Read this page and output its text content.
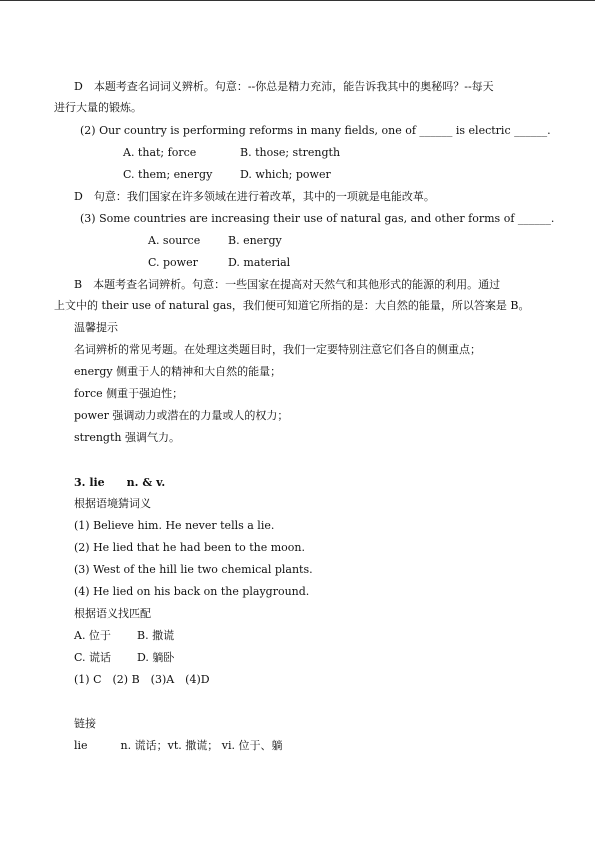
D　本题考查名词词义辨析。句意：--你总是精力充沛，能告诉我其中的奥秘吗？--每天
进行大量的锻炼。
(2) Our country is performing reforms in many fields, one of ______ is electric ______.
A. that; force	B. those; strength
C. them; energy	D. which; power
D　句意：我们国家在许多领域在进行着改革，其中的一项就是电能改革。
(3) Some countries are increasing their use of natural gas, and other forms of ______.
A. source	B. energy
C. power	D. material
B　本题考查名词辨析。句意：一些国家在提高对天然气和其他形式的能源的利用。通过
上文中的 their use of natural gas，我们便可知道它所指的是：大自然的能量，所以答案是 B。
温馨提示
名词辨析的常见考题。在处理这类题目时，我们一定要特别注意它们各自的侧重点；
energy 侧重于人的精神和大自然的能量；
force 侧重于强迫性；
power 强调动力或潜在的力量或人的权力；
strength 强调气力。
3. lie　　n. & v.
根据语境猜词义
(1) Believe him. He never tells a lie.
(2) He lied that he had been to the moon.
(3) West of the hill lie two chemical plants.
(4) He lied on his back on the playground.
根据语义找匹配
A. 位于 B. 撒谎
C. 谎话 D. 躺卧
(1) C　(2) B　(3)A　(4)D
链接
lie　　　n. 谎话；vt. 撒谎； vi. 位于、躺
